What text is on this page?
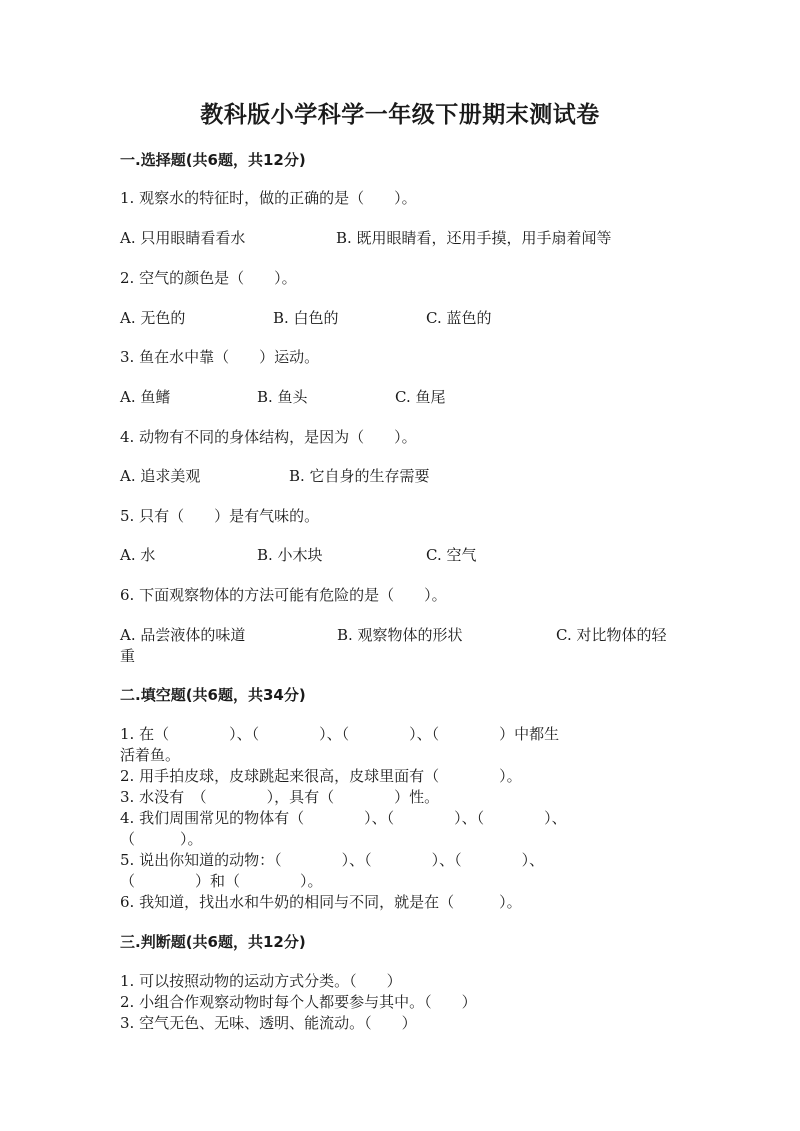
教科版小学科学一年级下册期末测试卷
一.选择题(共6题，共12分)
1. 观察水的特征时，做的正确的是（　　）。
A. 只用眼睛看看水	B. 既用眼睛看，还用手摸，用手扇着闻等
2. 空气的颜色是（　　）。
A. 无色的	B. 白色的	C. 蓝色的
3. 鱼在水中靠（　　）运动。
A. 鱼鳍	B. 鱼头	C. 鱼尾
4. 动物有不同的身体结构，是因为（　　）。
A. 追求美观	B. 它自身的生存需要
5. 只有（　　）是有气味的。
A. 水	B. 小木块	C. 空气
6. 下面观察物体的方法可能有危险的是（　　）。
A. 品尝液体的味道	B. 观察物体的形状	C. 对比物体的轻
重
二.填空题(共6题，共34分)
1. 在（　　　　）、（　　　　）、（　　　　）、（　　　　）中都生
活着鱼。
2. 用手拍皮球，皮球跳起来很高，皮球里面有（　　　　）。
3. 水没有　（　　　　），具有（　　　　）性。
4. 我们周围常见的物体有（　　　　）、（　　　　）、（　　　　）、
（　　　）。
5. 说出你知道的动物：（　　　　）、（　　　　）、（　　　　）、
（　　　　）和（　　　　）。
6. 我知道，找出水和牛奶的相同与不同，就是在（　　　）。
三.判断题(共6题，共12分)
1. 可以按照动物的运动方式分类。（　　）
2. 小组合作观察动物时每个人都要参与其中。（　　）
3. 空气无色、无味、透明、能流动。（　　）
